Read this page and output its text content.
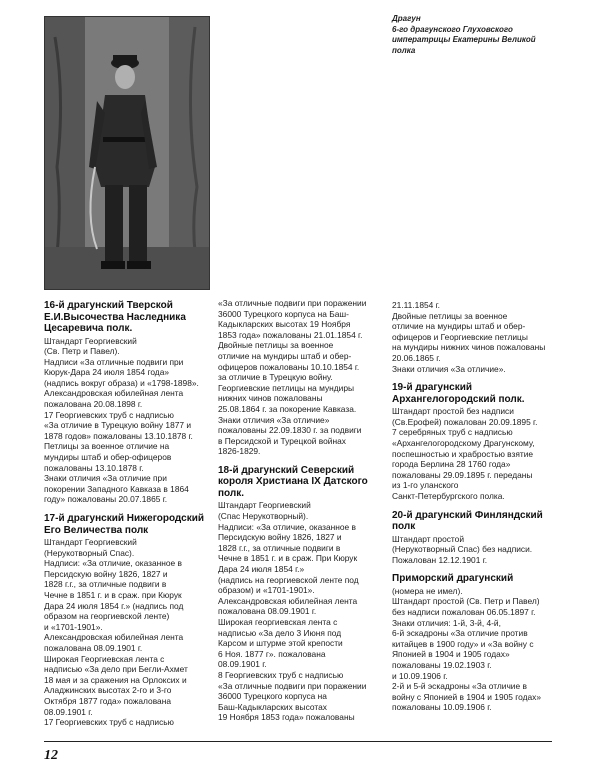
Драгун
6-го драгунского Глуховского
императрицы Екатерины Великой
полка
16-й драгунский Тверской
Е.И.Высочества Наследника
Цесаревича полк.
Штандарт Георгиевский
(Св. Петр и Павел).
Надписи «За отличные подвиги при
Кюрук-Дара 24 июля 1854 года»
(надпись вокруг образа) и «1798-1898».
Александровская юбилейная лента
пожалована 20.08.1898 г.
17 Георгиевских труб с надписью
«За отличие в Турецкую войну 1877 и
1878 годов» пожалованы 13.10.1878 г.
Петлицы за военное отличие на
мундиры штаб и обер-офицеров
пожалованы 13.10.1878 г.
Знаки отличия «За отличие при
покорении Западного Кавказа в 1864
году» пожалованы 20.07.1865 г.
17-й драгунский Нижегородский
Его Величества полк
Штандарт Георгиевский
(Нерукотворный Спас).
Надписи: «За отличие, оказанное в
Персидскую войну 1826, 1827 и
1828 г.г., за отличные подвиги в
Чечне в 1851 г. и в сраж. при Кюрук
Дара 24 июля 1854 г.» (надпись под
образом на георгиевской ленте)
и «1701-1901».
Александровская юбилейная лента
пожалована 08.09.1901 г.
Широкая Георгиевская лента с
надписью «За дело при Бегли-Ахмет
18 мая и за сражения на Орлоксих и
Аладжинских высотах 2-го и 3-го
Октября 1877 года» пожалована
08.09.1901 г.
17 Георгиевских труб с надписью
«За отличные подвиги при поражении
36000 Турецкого корпуса на Баш-
Кадыкларских высотах 19 Ноября
1853 года» пожалованы 21.01.1854 г.
Двойные петлицы за военное
отличие на мундиры штаб и обер-
офицеров пожалованы 10.10.1854 г.
за отличие в Турецкую войну.
Георгиевские петлицы на мундиры
нижних чинов пожалованы
25.08.1864 г. за покорение Кавказа.
Знаки отличия «За отличие»
пожалованы 22.09.1830 г. за подвиги
в Персидской и Турецкой войнах
1826-1829.
18-й драгунский Северский
короля Христиана IX Датского
полк.
Штандарт Георгиевский
(Спас Нерукотворный).
Надписи: «За отличие, оказанное в
Персидскую войну 1826, 1827 и
1828 г.г., за отличные подвиги в
Чечне в 1851 г. и в сраж. При Кюрук
Дара 24 июля 1854 г.»
(надпись на георгиевской ленте под
образом) и «1701-1901».
Александровская юбилейная лента
пожалована 08.09.1901 г.
Широкая георгиевская лента с
надписью «За дело 3 Июня под
Карсом и штурме этой крепости
6 Ноя. 1877 г». пожалована
08.09.1901 г.
8 Георгиевских труб с надписью
«За отличные подвиги при поражении
36000 Турецкого корпуса на
Баш-Кадыкларских высотах
19 Ноября 1853 года» пожалованы
21.11.1854 г.
Двойные петлицы за военное
отличие на мундиры штаб и обер-
офицеров и Георгиевские петлицы
на мундиры нижних чинов пожалованы
20.06.1865 г.
Знаки отличия «За отличие».
19-й драгунский
Архангелогородский полк.
Штандарт простой без надписи
(Св.Ерофей) пожалован 20.09.1895 г.
7 серебряных труб с надписью
«Архангелогородскому Драгунскому,
поспешностью и храбростью взятие
города Берлина 28 1760 года»
пожалованы 29.09.1895 г. переданы
из 1-го уланского
Санкт-Петербургского полка.
20-й драгунский Финляндский
полк
Штандарт простой
(Нерукотворный Спас) без надписи.
Пожалован 12.12.1901 г.
Приморский драгунский
(номера не имел).
Штандарт простой (Св. Петр и Павел)
без надписи пожалован 06.05.1897 г.
Знаки отличия: 1-й, 3-й, 4-й,
6-й эскадроны «За отличие против
китайцев в 1900 году» и «За войну с
Японией в 1904 и 1905 годах»
пожалованы 19.02.1903 г.
и 10.09.1906 г.
2-й и 5-й эскадроны «За отличие в
войну с Японией в 1904 и 1905 годах»
пожалованы 10.09.1906 г.
12
